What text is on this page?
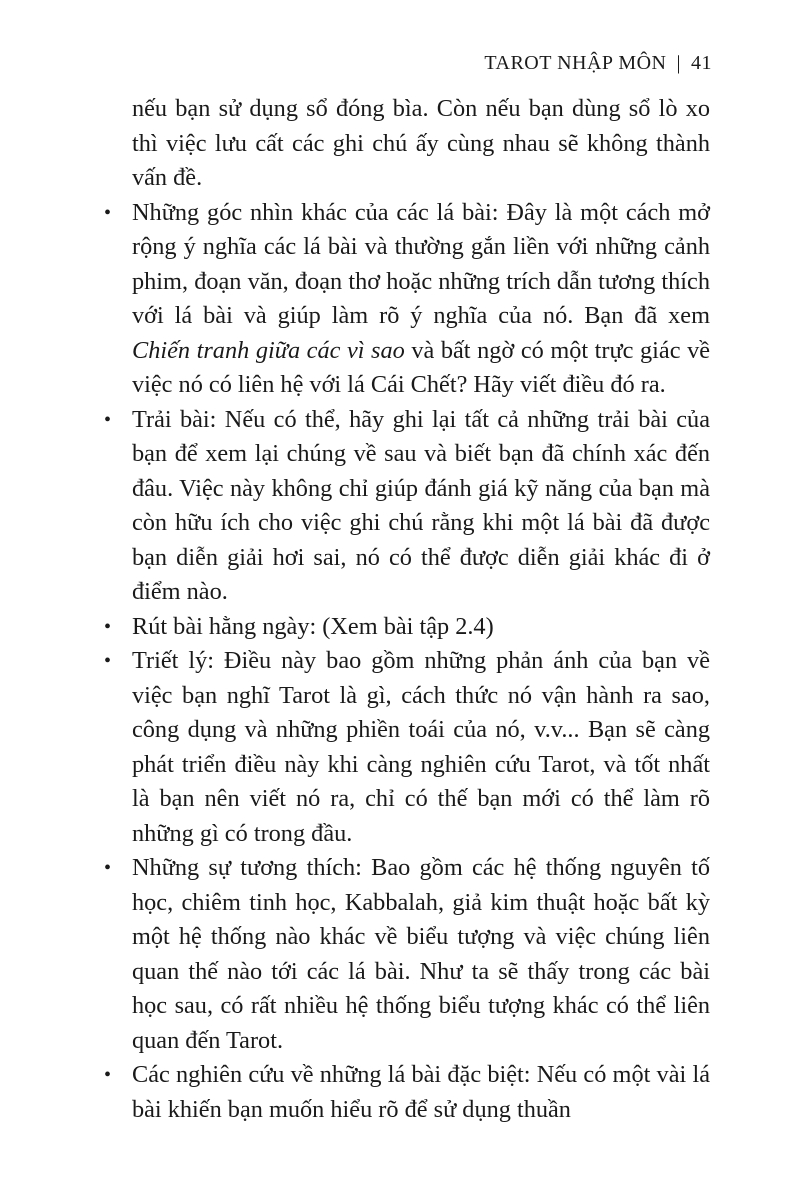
TAROT NHẬP MÔN | 41

nếu bạn sử dụng sổ đóng bìa. Còn nếu bạn dùng sổ lò xo thì việc lưu cất các ghi chú ấy cùng nhau sẽ không thành vấn đề.

• Những góc nhìn khác của các lá bài: Đây là một cách mở rộng ý nghĩa các lá bài và thường gắn liền với những cảnh phim, đoạn văn, đoạn thơ hoặc những trích dẫn tương thích với lá bài và giúp làm rõ ý nghĩa của nó. Bạn đã xem Chiến tranh giữa các vì sao và bất ngờ có một trực giác về việc nó có liên hệ với lá Cái Chết? Hãy viết điều đó ra.
• Trải bài: Nếu có thể, hãy ghi lại tất cả những trải bài của bạn để xem lại chúng về sau và biết bạn đã chính xác đến đâu. Việc này không chỉ giúp đánh giá kỹ năng của bạn mà còn hữu ích cho việc ghi chú rằng khi một lá bài đã được bạn diễn giải hơi sai, nó có thể được diễn giải khác đi ở điểm nào.
• Rút bài hằng ngày: (Xem bài tập 2.4)
• Triết lý: Điều này bao gồm những phản ánh của bạn về việc bạn nghĩ Tarot là gì, cách thức nó vận hành ra sao, công dụng và những phiền toái của nó, v.v... Bạn sẽ càng phát triển điều này khi càng nghiên cứu Tarot, và tốt nhất là bạn nên viết nó ra, chỉ có thế bạn mới có thể làm rõ những gì có trong đầu.
• Những sự tương thích: Bao gồm các hệ thống nguyên tố học, chiêm tinh học, Kabbalah, giả kim thuật hoặc bất kỳ một hệ thống nào khác về biểu tượng và việc chúng liên quan thế nào tới các lá bài. Như ta sẽ thấy trong các bài học sau, có rất nhiều hệ thống biểu tượng khác có thể liên quan đến Tarot.
• Các nghiên cứu về những lá bài đặc biệt: Nếu có một vài lá bài khiến bạn muốn hiểu rõ để sử dụng thuần
